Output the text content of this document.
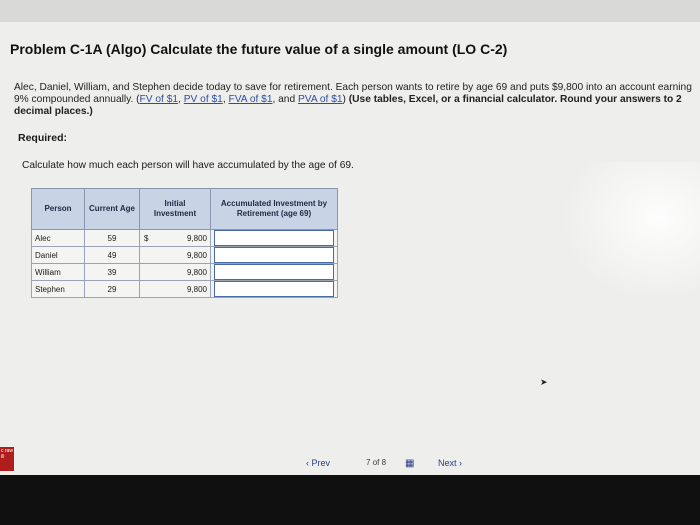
Problem C-1A (Algo) Calculate the future value of a single amount (LO C-2)
Alec, Daniel, William, and Stephen decide today to save for retirement. Each person wants to retire by age 69 and puts $9,800 into an account earning 9% compounded annually. (FV of $1, PV of $1, FVA of $1, and PVA of $1) (Use tables, Excel, or a financial calculator. Round your answers to 2 decimal places.)
Required:
Calculate how much each person will have accumulated by the age of 69.
Person	Current Age	Initial Investment	Accumulated Investment by Retirement (age 69)
Alec	59	$ 9,800	

Daniel	49	9,800	

William	39	9,800	

Stephen	29	9,800	
➤
c raw ill
‹ Prev	7 of 8 ▦	Next ›
